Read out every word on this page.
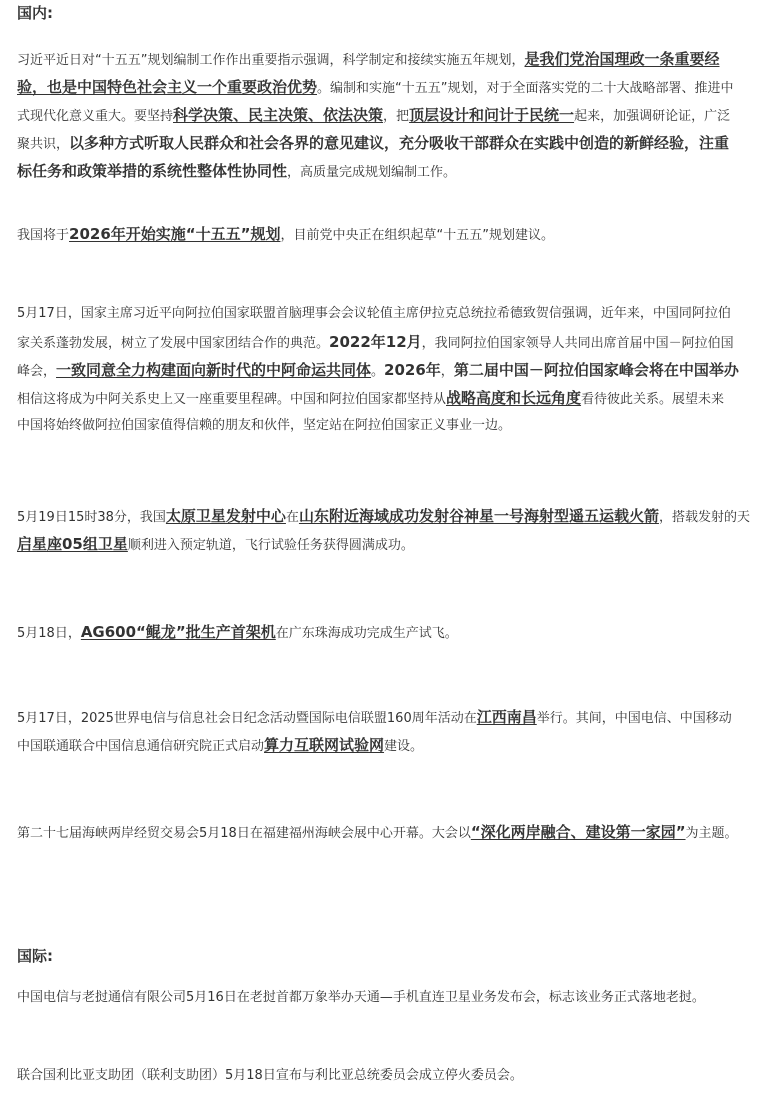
国内:
习近平近日对“十五五”规划编制工作作出重要指示强调，科学制定和接续实施五年规划，是我们党治国理政一条重要经
验，也是中国特色社会主义一个重要政治优势。编制和实施“十五五”规划，对于全面落实党的二十大战略部署、推进中
式现代化意义重大。要坚持科学决策、民主决策、依法决策，把顶层设计和问计于民统一起来，加强调研论证，广泛
聚共识，以多种方式听取人民群众和社会各界的意见建议，充分吸收干部群众在实践中创造的新鲜经验，注重
标任务和政策举措的系统性整体性协同性，高质量完成规划编制工作。
我国将于2026年开始实施“十五五”规划，目前党中央正在组织起草“十五五”规划建议。
5月17日，国家主席习近平向阿拉伯国家联盟首脑理事会会议轮值主席伊拉克总统拉希德致贺信强调，近年来，中国同阿拉伯
家关系蓬勃发展，树立了发展中国家团结合作的典范。2022年12月，我同阿拉伯国家领导人共同出席首届中国－阿拉伯国
峰会，一致同意全力构建面向新时代的中阿命运共同体。2026年，第二届中国－阿拉伯国家峰会将在中国举办
相信这将成为中阿关系史上又一座重要里程碑。中国和阿拉伯国家都坚持从战略高度和长远角度看待彼此关系。展望未来
中国将始终做阿拉伯国家值得信赖的朋友和伙伴，坚定站在阿拉伯国家正义事业一边。
5月19日15时38分，我国太原卫星发射中心在山东附近海域成功发射谷神星一号海射型遥五运载火箭，搭载发射的天
启星座05组卫星顺利进入预定轨道，飞行试验任务获得圆满成功。
5月18日，AG600“鲲龙”批生产首架机在广东珠海成功完成生产试飞。
5月17日，2025世界电信与信息社会日纪念活动暨国际电信联盟160周年活动在江西南昌举行。其间，中国电信、中国移动
中国联通联合中国信息通信研究院正式启动算力互联网试验网建设。
第二十七届海峡两岸经贸交易会5月18日在福建福州海峡会展中心开幕。大会以“深化两岸融合、建设第一家园”为主题。
国际:
中国电信与老挝通信有限公司5月16日在老挝首都万象举办天通—手机直连卫星业务发布会，标志该业务正式落地老挝。
联合国利比亚支助团（联利支助团）5月18日宣布与利比亚总统委员会成立停火委员会。
